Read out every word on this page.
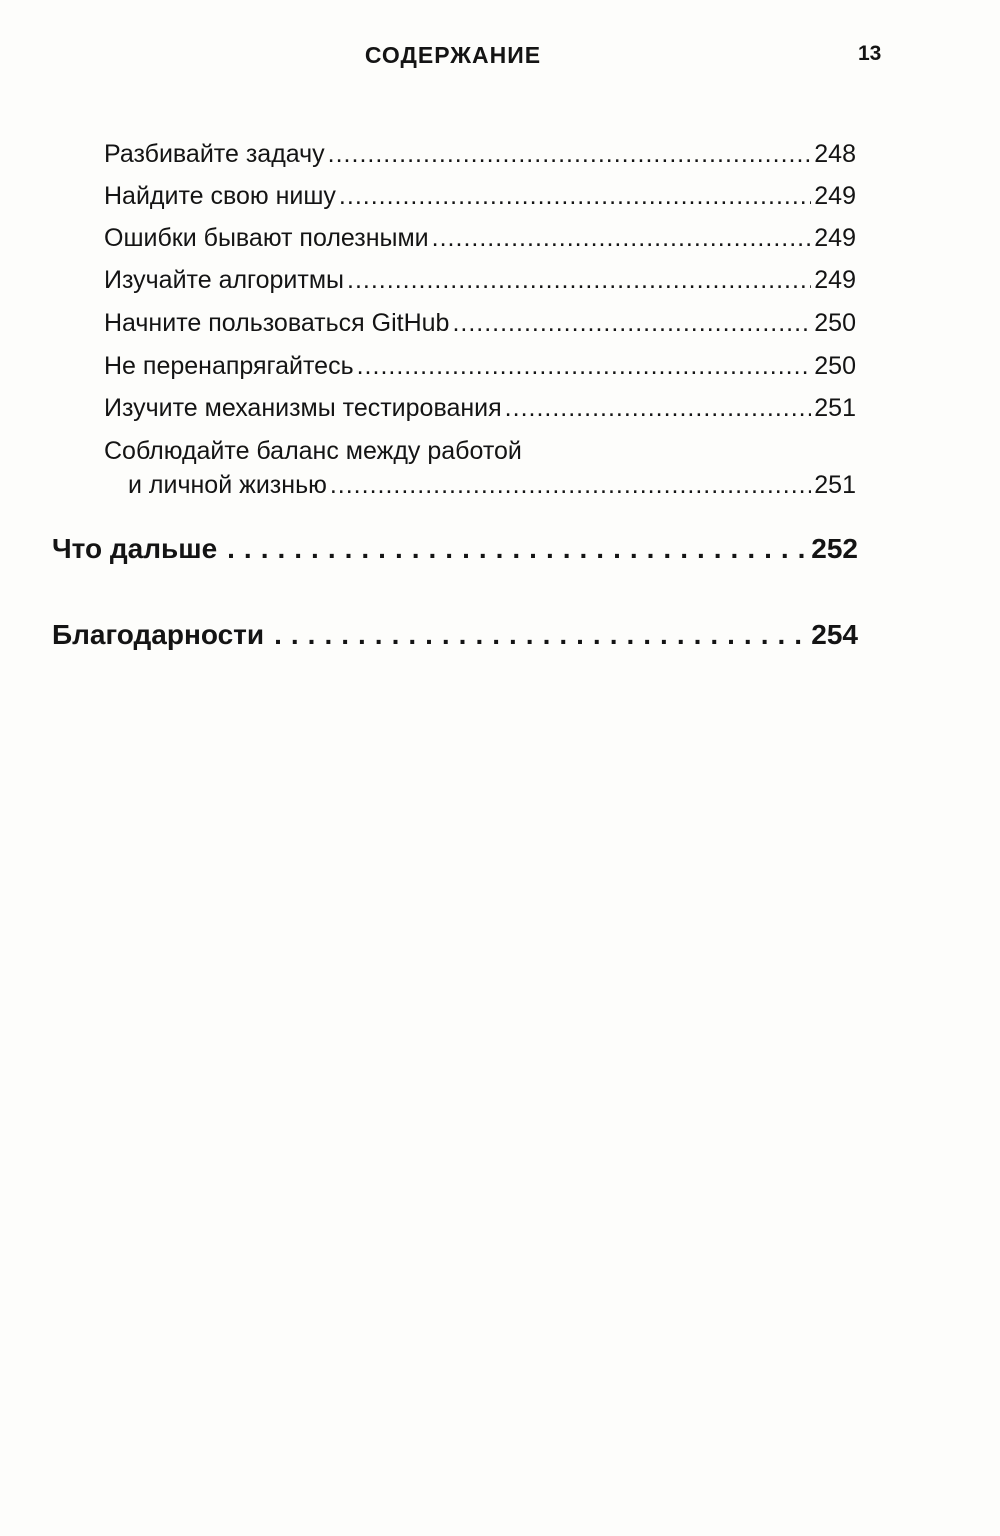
СОДЕРЖАНИЕ	13
Разбивайте задачу .....	248
Найдите свою нишу .....	249
Ошибки бывают полезными .....	249
Изучайте алгоритмы .....	249
Начните пользоваться GitHub .....	250
Не перенапрягайтесь .....	250
Изучите механизмы тестирования .....	251
Соблюдайте баланс между работой
и личной жизнью .....	251
Что дальше .....	252
Благодарности .....	254
